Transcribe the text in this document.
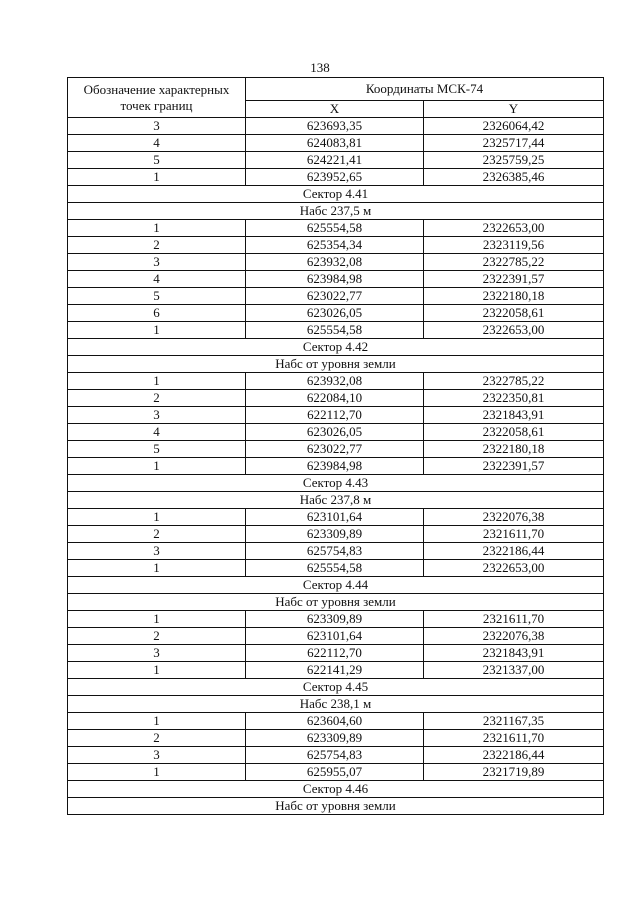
138
Обозначение характерных
точек границ	Координаты МСК-74	
	X	Y
3	623693,35	2326064,42
4	624083,81	2325717,44
5	624221,41	2325759,25
1	623952,65	2326385,46
Сектор 4.41		
Набс 237,5 м		
1	625554,58	2322653,00
2	625354,34	2323119,56
3	623932,08	2322785,22
4	623984,98	2322391,57
5	623022,77	2322180,18
6	623026,05	2322058,61
1	625554,58	2322653,00
Сектор 4.42		
Набс от уровня земли		
1	623932,08	2322785,22
2	622084,10	2322350,81
3	622112,70	2321843,91
4	623026,05	2322058,61
5	623022,77	2322180,18
1	623984,98	2322391,57
Сектор 4.43		
Набс 237,8 м		
1	623101,64	2322076,38
2	623309,89	2321611,70
3	625754,83	2322186,44
1	625554,58	2322653,00
Сектор 4.44		
Набс от уровня земли		
1	623309,89	2321611,70
2	623101,64	2322076,38
3	622112,70	2321843,91
1	622141,29	2321337,00
Сектор 4.45		
Набс 238,1 м		
1	623604,60	2321167,35
2	623309,89	2321611,70
3	625754,83	2322186,44
1	625955,07	2321719,89
Сектор 4.46		
Набс от уровня земли		
